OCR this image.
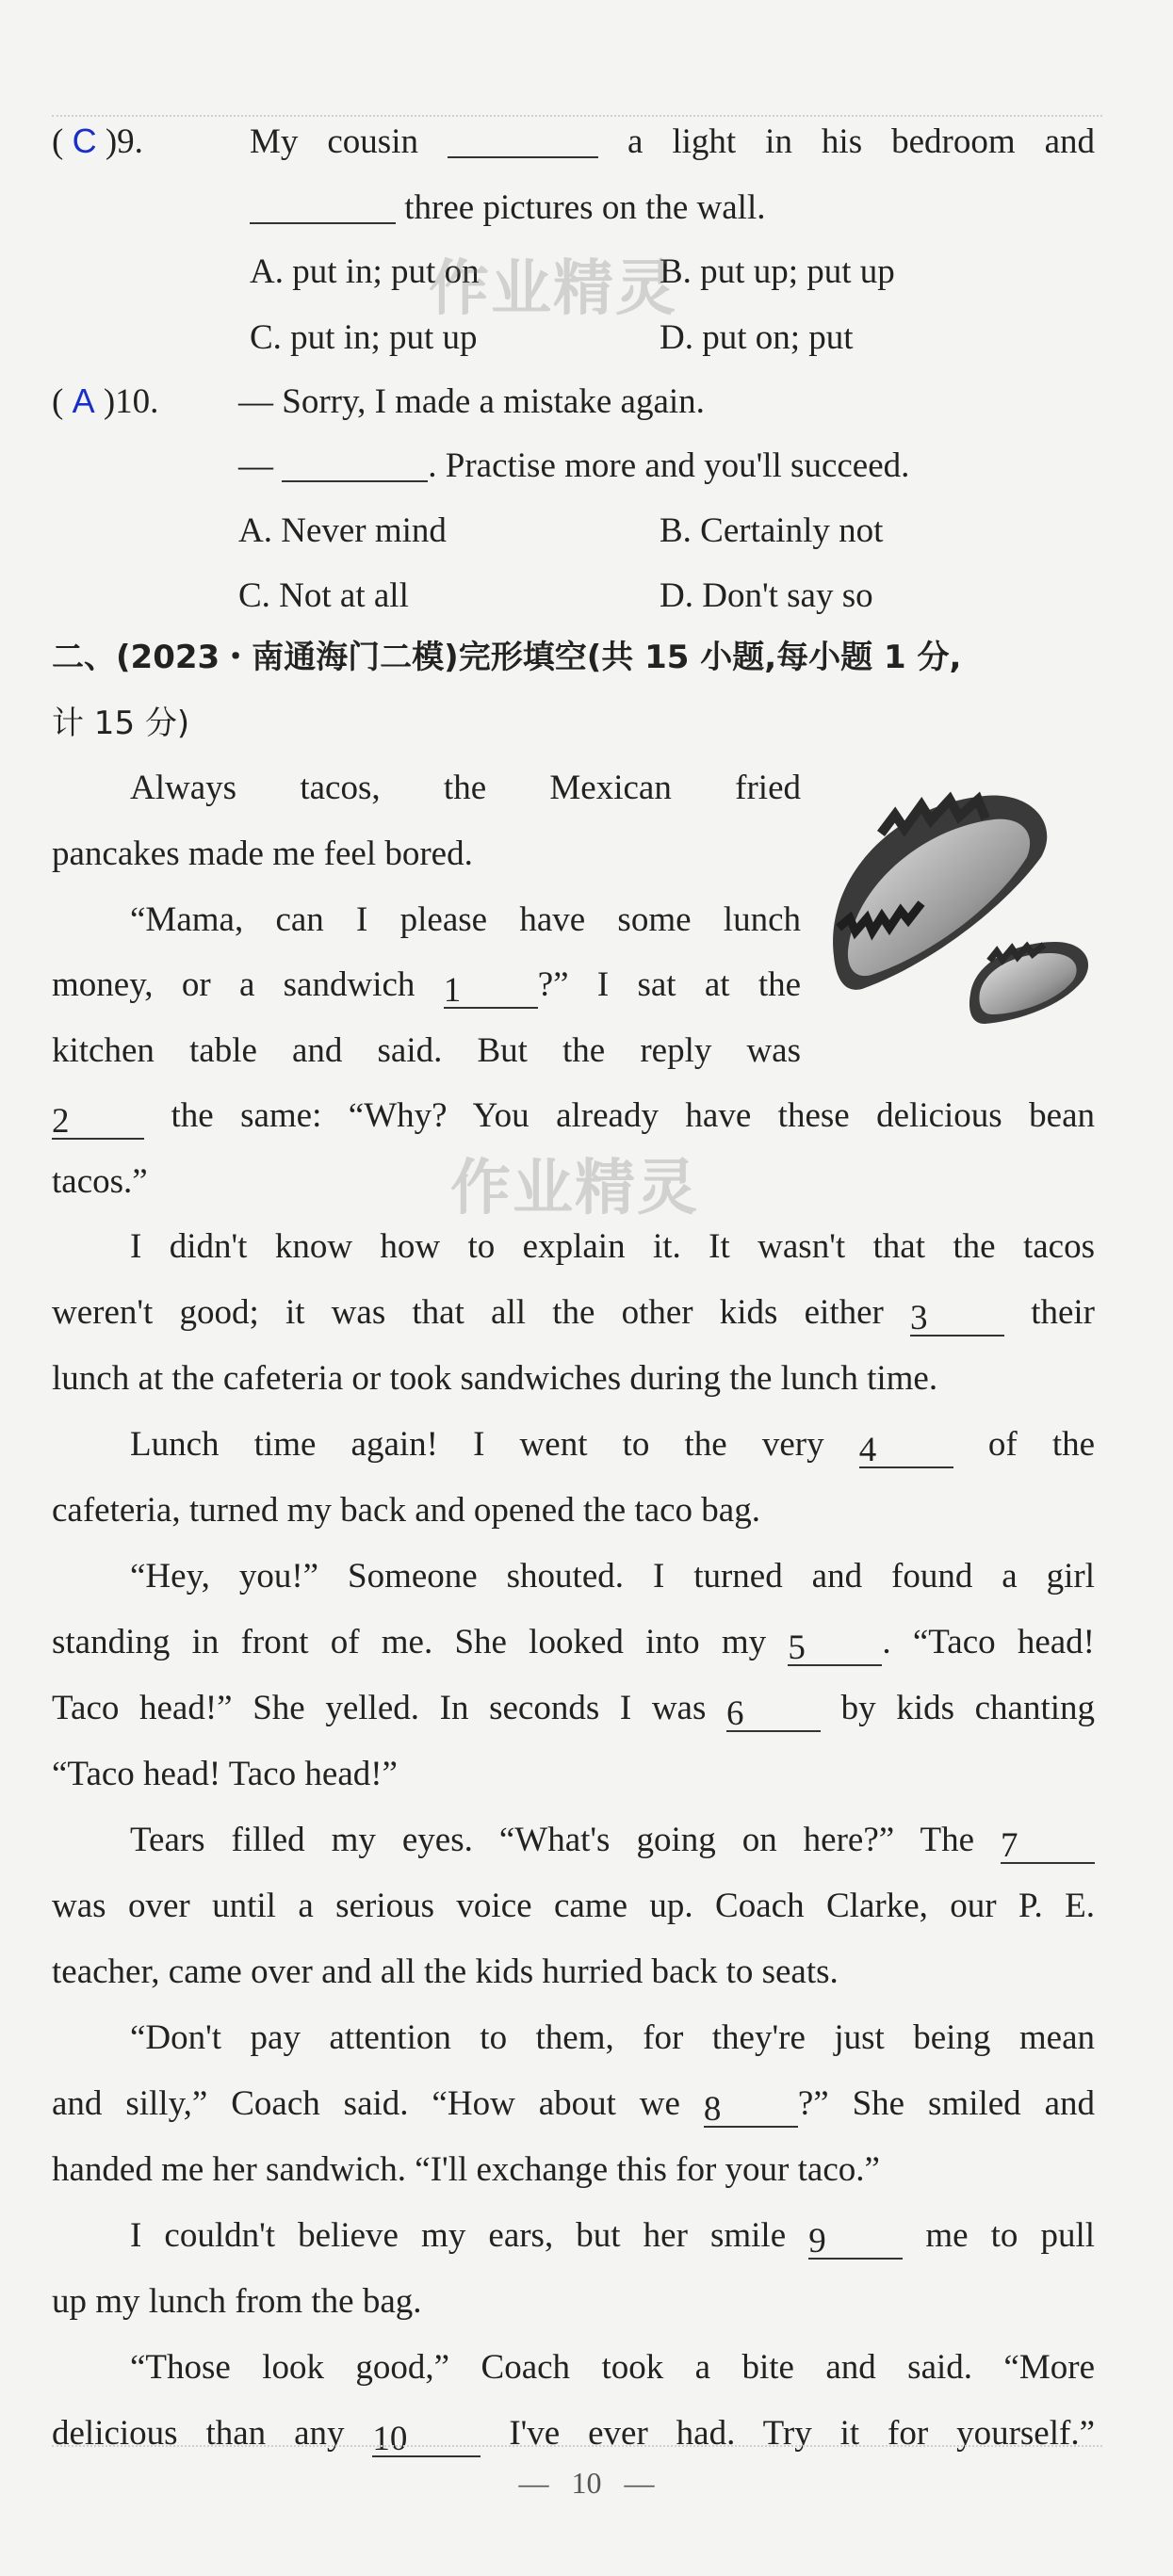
( C )9.	My cousin	a light in his bedroom and
three pictures on the wall.
A. put in; put on	B. put up; put up
C. put in; put up	D. put on; put
( A )10. — Sorry, I made a mistake again.
—	. Practise more and you'll succeed.
A. Never mind	B. Certainly not
C. Not at all	D. Don't say so
二、(2023・南通海门二模)完形填空(共 15 小题,每小题 1 分,
计 15 分)
Always tacos, the Mexican fried
pancakes made me feel bored.
“Mama, can I please have some lunch
money, or a sandwich 1 ?” I sat at the
kitchen table and said. But the reply was
2	the same: “Why? You already have these delicious bean
tacos.”
I didn't know how to explain it. It wasn't that the tacos
weren't good; it was that all the other kids either 3	their
lunch at the cafeteria or took sandwiches during the lunch time.
Lunch time again! I went to the very 4	of the
cafeteria, turned my back and opened the taco bag.
“Hey, you!” Someone shouted. I turned and found a girl
standing in front of me. She looked into my 5 . “Taco head!
Taco head!” She yelled. In seconds I was 6	by kids chanting
“Taco head! Taco head!”
Tears filled my eyes. “What's going on here?” The 7
was over until a serious voice came up. Coach Clarke, our P. E.
teacher, came over and all the kids hurried back to seats.
“Don't pay attention to them, for they're just being mean
and silly,” Coach said. “How about we 8 ?” She smiled and
handed me her sandwich. “I'll exchange this for your taco.”
I couldn't believe my ears, but her smile 9	me to pull
up my lunch from the bag.
“Those look good,” Coach took a bite and said. “More
delicious than any 10	I've ever had. Try it for yourself.”
作业精灵
作业精灵
— 10 —
